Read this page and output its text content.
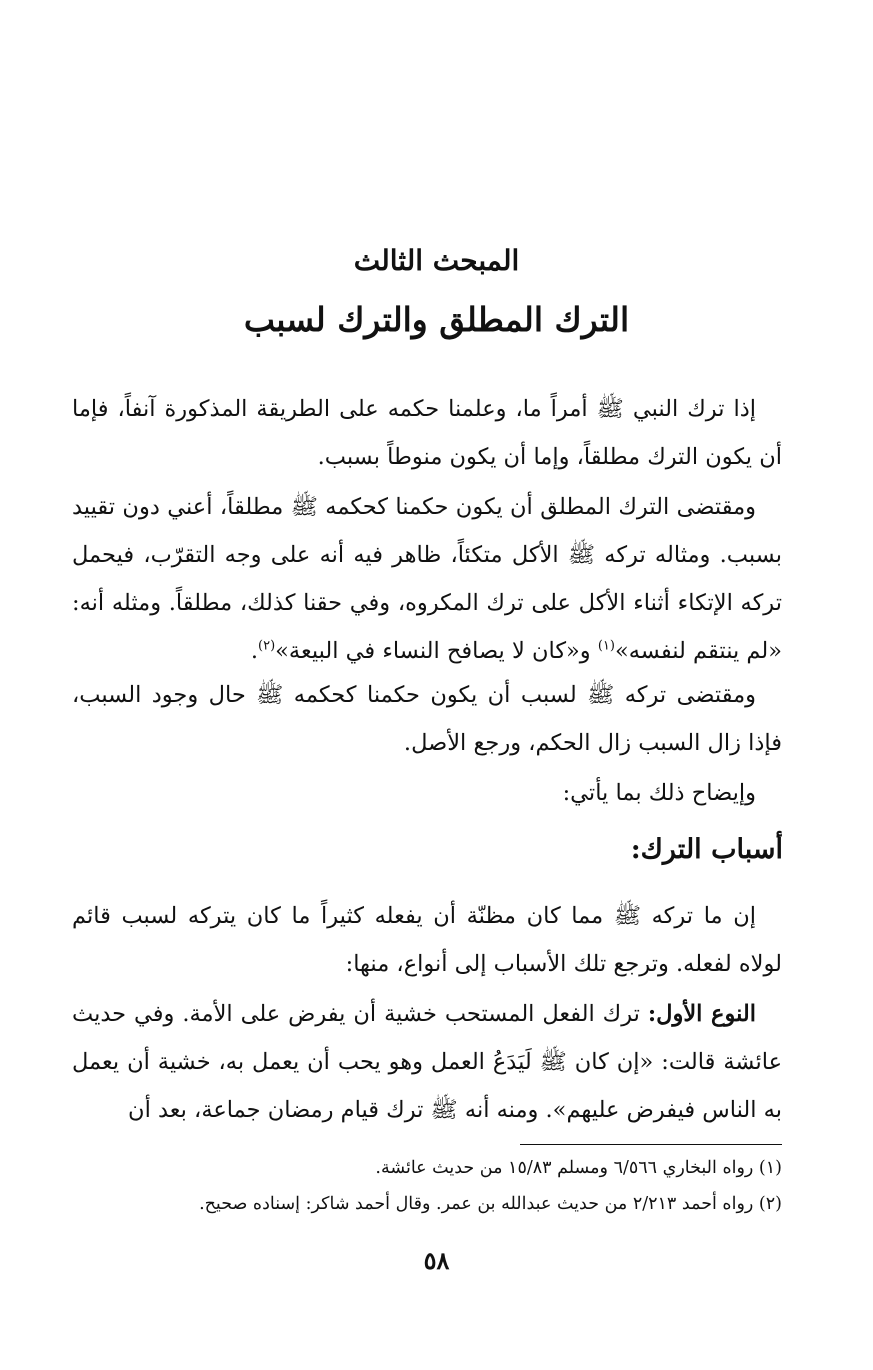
المبحث الثالث
الترك المطلق والترك لسبب

إذا ترك النبي ﷺ أمراً ما، وعلمنا حكمه على الطريقة المذكورة آنفاً، فإما أن يكون الترك مطلقاً، وإما أن يكون منوطاً بسبب.

ومقتضى الترك المطلق أن يكون حكمنا كحكمه ﷺ مطلقاً، أعني دون تقييد بسبب. ومثاله تركه ﷺ الأكل متكئاً، ظاهر فيه أنه على وجه التقرّب، فيحمل تركه الإتكاء أثناء الأكل على ترك المكروه، وفي حقنا كذلك، مطلقاً. ومثله أنه: «لم ينتقم لنفسه»$^{(١)}$ و«كان لا يصافح النساء في البيعة»$^{(٢)}$.

ومقتضى تركه ﷺ لسبب أن يكون حكمنا كحكمه ﷺ حال وجود السبب، فإذا زال السبب زال الحكم، ورجع الأصل.

وإيضاح ذلك بما يأتي:

أسباب الترك:

إن ما تركه ﷺ مما كان مظنّة أن يفعله كثيراً ما كان يتركه لسبب قائم لولاه لفعله. وترجع تلك الأسباب إلى أنواع، منها:

النوع الأول: ترك الفعل المستحب خشية أن يفرض على الأمة. وفي حديث عائشة قالت: «إن كان ﷺ لَيَدَعُ العمل وهو يحب أن يعمل به، خشية أن يعمل به الناس فيفرض عليهم». ومنه أنه ﷺ ترك قيام رمضان جماعة، بعد أن

(١) رواه البخاري ٦/٥٦٦ ومسلم ١٥/٨٣ من حديث عائشة.
(٢) رواه أحمد ٢/٢١٣ من حديث عبدالله بن عمر. وقال أحمد شاكر: إسناده صحيح.
٥٨
